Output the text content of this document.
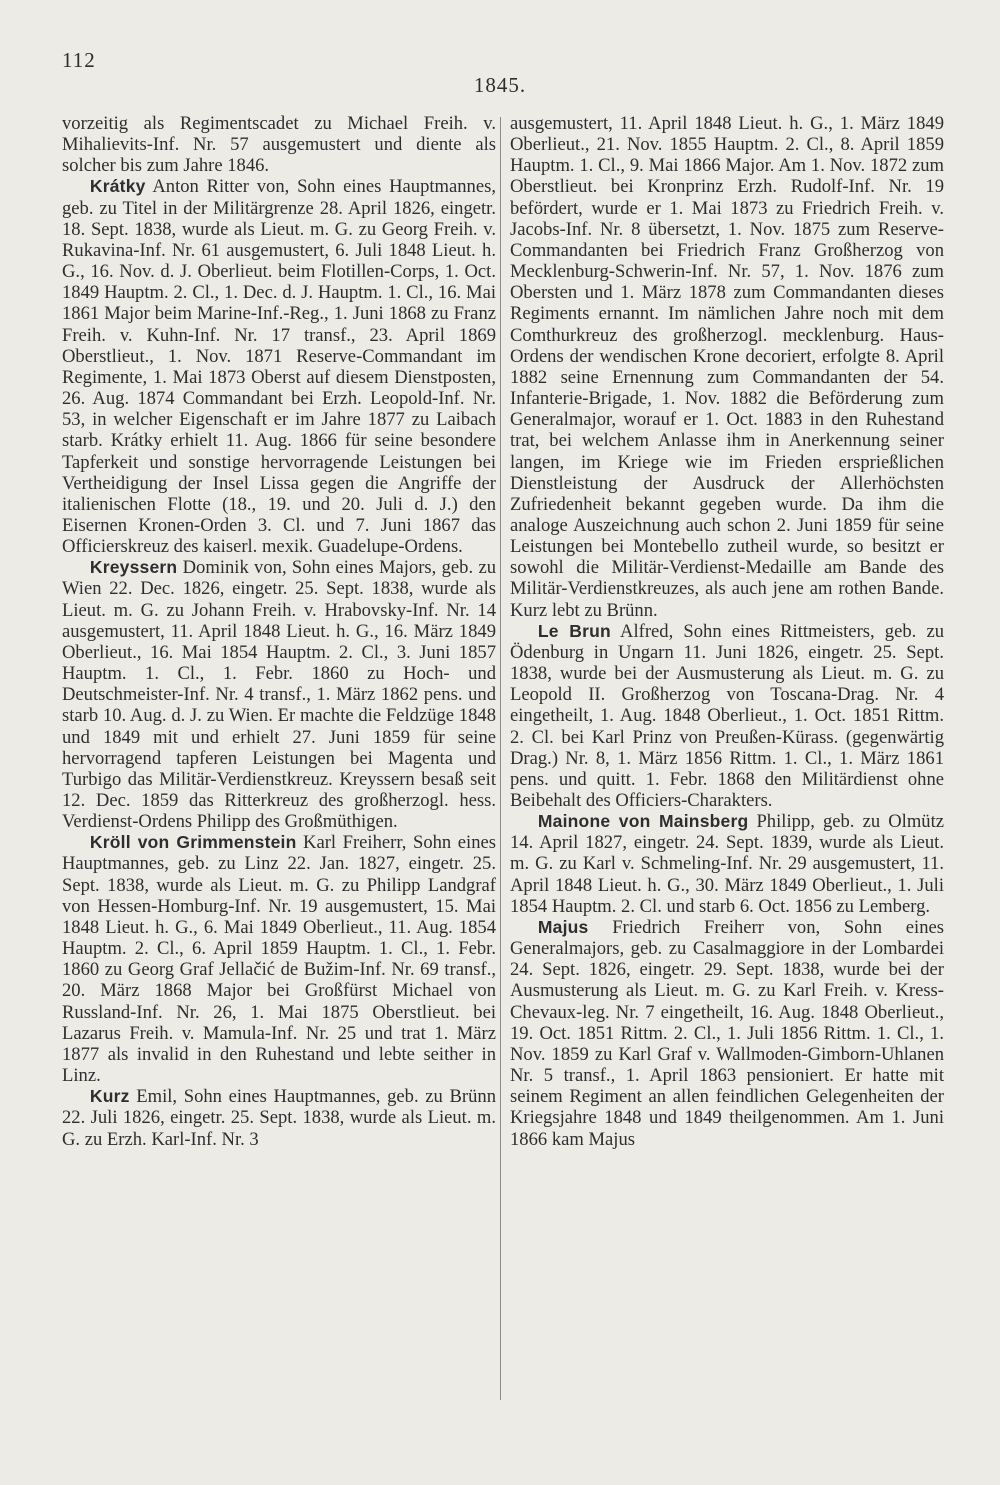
112
1845.

vorzeitig als Regimentscadet zu Michael Freih. v. Mihalievits-Inf. Nr. 57 ausgemustert und diente als solcher bis zum Jahre 1846.

Krátky Anton Ritter von, Sohn eines Hauptmannes, geb. zu Titel in der Militärgrenze 28. April 1826, eingetr. 18. Sept. 1838, wurde als Lieut. m. G. zu Georg Freih. v. Rukavina-Inf. Nr. 61 ausgemustert, 6. Juli 1848 Lieut. h. G., 16. Nov. d. J. Oberlieut. beim Flotillen-Corps, 1. Oct. 1849 Hauptm. 2. Cl., 1. Dec. d. J. Hauptm. 1. Cl., 16. Mai 1861 Major beim Marine-Inf.-Reg., 1. Juni 1868 zu Franz Freih. v. Kuhn-Inf. Nr. 17 transf., 23. April 1869 Oberstlieut., 1. Nov. 1871 Reserve-Commandant im Regimente, 1. Mai 1873 Oberst auf diesem Dienstposten, 26. Aug. 1874 Commandant bei Erzh. Leopold-Inf. Nr. 53, in welcher Eigenschaft er im Jahre 1877 zu Laibach starb. Krátky erhielt 11. Aug. 1866 für seine besondere Tapferkeit und sonstige hervorragende Leistungen bei Vertheidigung der Insel Lissa gegen die Angriffe der italienischen Flotte (18., 19. und 20. Juli d. J.) den Eisernen Kronen-Orden 3. Cl. und 7. Juni 1867 das Officierskreuz des kaiserl. mexik. Guadelupe-Ordens.

Kreyssern Dominik von, Sohn eines Majors, geb. zu Wien 22. Dec. 1826, eingetr. 25. Sept. 1838, wurde als Lieut. m. G. zu Johann Freih. v. Hrabovsky-Inf. Nr. 14 ausgemustert, 11. April 1848 Lieut. h. G., 16. März 1849 Oberlieut., 16. Mai 1854 Hauptm. 2. Cl., 3. Juni 1857 Hauptm. 1. Cl., 1. Febr. 1860 zu Hoch- und Deutschmeister-Inf. Nr. 4 transf., 1. März 1862 pens. und starb 10. Aug. d. J. zu Wien. Er machte die Feldzüge 1848 und 1849 mit und erhielt 27. Juni 1859 für seine hervorragend tapferen Leistungen bei Magenta und Turbigo das Militär-Verdienstkreuz. Kreyssern besaß seit 12. Dec. 1859 das Ritterkreuz des großherzogl. hess. Verdienst-Ordens Philipp des Großmüthigen.

Kröll von Grimmenstein Karl Freiherr, Sohn eines Hauptmannes, geb. zu Linz 22. Jan. 1827, eingetr. 25. Sept. 1838, wurde als Lieut. m. G. zu Philipp Landgraf von Hessen-Homburg-Inf. Nr. 19 ausgemustert, 15. Mai 1848 Lieut. h. G., 6. Mai 1849 Oberlieut., 11. Aug. 1854 Hauptm. 2. Cl., 6. April 1859 Hauptm. 1. Cl., 1. Febr. 1860 zu Georg Graf Jellačić de Bužim-Inf. Nr. 69 transf., 20. März 1868 Major bei Großfürst Michael von Russland-Inf. Nr. 26, 1. Mai 1875 Oberstlieut. bei Lazarus Freih. v. Mamula-Inf. Nr. 25 und trat 1. März 1877 als invalid in den Ruhestand und lebte seither in Linz.

Kurz Emil, Sohn eines Hauptmannes, geb. zu Brünn 22. Juli 1826, eingetr. 25. Sept. 1838, wurde als Lieut. m. G. zu Erzh. Karl-Inf. Nr. 3

ausgemustert, 11. April 1848 Lieut. h. G., 1. März 1849 Oberlieut., 21. Nov. 1855 Hauptm. 2. Cl., 8. April 1859 Hauptm. 1. Cl., 9. Mai 1866 Major. Am 1. Nov. 1872 zum Oberstlieut. bei Kronprinz Erzh. Rudolf-Inf. Nr. 19 befördert, wurde er 1. Mai 1873 zu Friedrich Freih. v. Jacobs-Inf. Nr. 8 übersetzt, 1. Nov. 1875 zum Reserve-Commandanten bei Friedrich Franz Großherzog von Mecklenburg-Schwerin-Inf. Nr. 57, 1. Nov. 1876 zum Obersten und 1. März 1878 zum Commandanten dieses Regiments ernannt. Im nämlichen Jahre noch mit dem Comthurkreuz des großherzogl. mecklenburg. Haus-Ordens der wendischen Krone decoriert, erfolgte 8. April 1882 seine Ernennung zum Commandanten der 54. Infanterie-Brigade, 1. Nov. 1882 die Beförderung zum Generalmajor, worauf er 1. Oct. 1883 in den Ruhestand trat, bei welchem Anlasse ihm in Anerkennung seiner langen, im Kriege wie im Frieden ersprießlichen Dienstleistung der Ausdruck der Allerhöchsten Zufriedenheit bekannt gegeben wurde. Da ihm die analoge Auszeichnung auch schon 2. Juni 1859 für seine Leistungen bei Montebello zutheil wurde, so besitzt er sowohl die Militär-Verdienst-Medaille am Bande des Militär-Verdienstkreuzes, als auch jene am rothen Bande. Kurz lebt zu Brünn.

Le Brun Alfred, Sohn eines Rittmeisters, geb. zu Ödenburg in Ungarn 11. Juni 1826, eingetr. 25. Sept. 1838, wurde bei der Ausmusterung als Lieut. m. G. zu Leopold II. Großherzog von Toscana-Drag. Nr. 4 eingetheilt, 1. Aug. 1848 Oberlieut., 1. Oct. 1851 Rittm. 2. Cl. bei Karl Prinz von Preußen-Kürass. (gegenwärtig Drag.) Nr. 8, 1. März 1856 Rittm. 1. Cl., 1. März 1861 pens. und quitt. 1. Febr. 1868 den Militärdienst ohne Beibehalt des Officiers-Charakters.

Mainone von Mainsberg Philipp, geb. zu Olmütz 14. April 1827, eingetr. 24. Sept. 1839, wurde als Lieut. m. G. zu Karl v. Schmeling-Inf. Nr. 29 ausgemustert, 11. April 1848 Lieut. h. G., 30. März 1849 Oberlieut., 1. Juli 1854 Hauptm. 2. Cl. und starb 6. Oct. 1856 zu Lemberg.

Majus Friedrich Freiherr von, Sohn eines Generalmajors, geb. zu Casalmaggiore in der Lombardei 24. Sept. 1826, eingetr. 29. Sept. 1838, wurde bei der Ausmusterung als Lieut. m. G. zu Karl Freih. v. Kress-Chevaux-leg. Nr. 7 eingetheilt, 16. Aug. 1848 Oberlieut., 19. Oct. 1851 Rittm. 2. Cl., 1. Juli 1856 Rittm. 1. Cl., 1. Nov. 1859 zu Karl Graf v. Wallmoden-Gimborn-Uhlanen Nr. 5 transf., 1. April 1863 pensioniert. Er hatte mit seinem Regiment an allen feindlichen Gelegenheiten der Kriegsjahre 1848 und 1849 theilgenommen. Am 1. Juni 1866 kam Majus
